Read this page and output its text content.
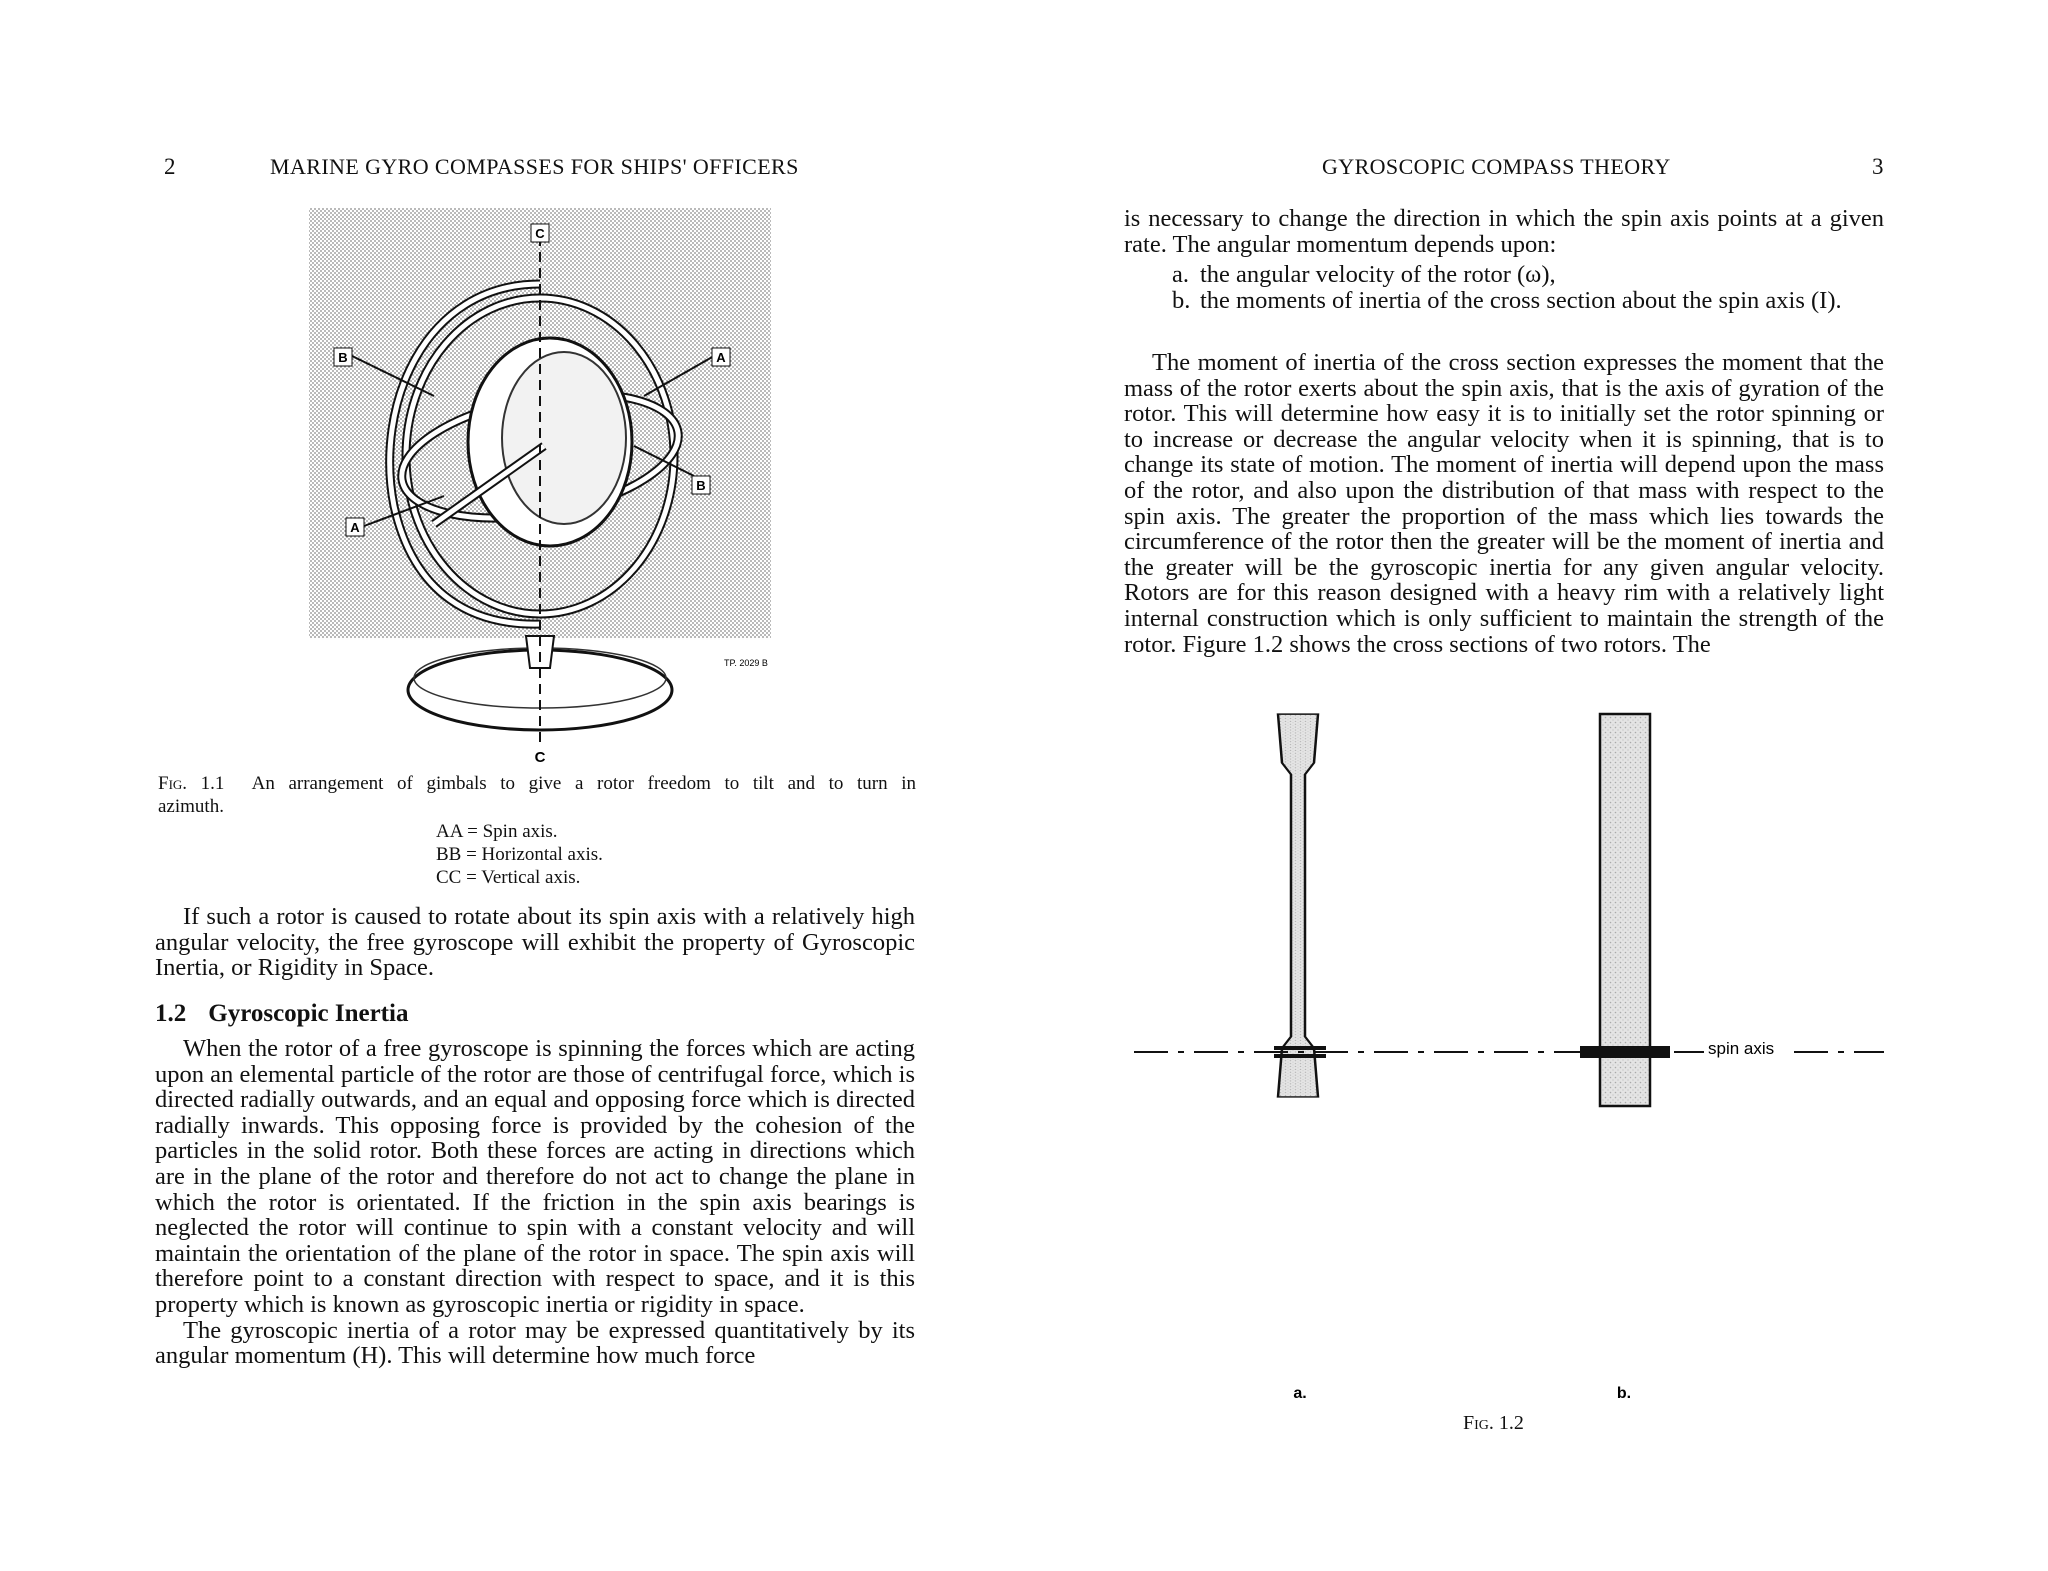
2	MARINE GYRO COMPASSES FOR SHIPS' OFFICERS
C
B	A
A
B
TP. 2029 B
C
Fig. 1.1 An arrangement of gimbals to give a rotor freedom to tilt and to turn in
azimuth.
AA = Spin axis.
BB = Horizontal axis.
CC = Vertical axis.

If such a rotor is caused to rotate about its spin axis with a relatively high angular velocity, the free gyroscope will exhibit the property of Gyroscopic Inertia, or Rigidity in Space.

1.2 Gyroscopic Inertia

When the rotor of a free gyroscope is spinning the forces which are acting upon an elemental particle of the rotor are those of centrifugal force, which is directed radially outwards, and an equal and opposing force which is directed radially inwards. This opposing force is provided by the cohesion of the particles in the solid rotor. Both these forces are acting in directions which are in the plane of the rotor and therefore do not act to change the plane in which the rotor is orientated. If the friction in the spin axis bearings is neglected the rotor will continue to spin with a constant velocity and will maintain the orientation of the plane of the rotor in space. The spin axis will therefore point to a constant direction with respect to space, and it is this property which is known as gyroscopic inertia or rigidity in space.

The gyroscopic inertia of a rotor may be expressed quantitatively by its angular momentum (H). This will determine how much force

GYROSCOPIC COMPASS THEORY	3

is necessary to change the direction in which the spin axis points at a given rate. The angular momentum depends upon:

a. the angular velocity of the rotor (ω),
b. the moments of inertia of the cross section about the spin axis (I).

The moment of inertia of the cross section expresses the moment that the mass of the rotor exerts about the spin axis, that is the axis of gyration of the rotor. This will determine how easy it is to initially set the rotor spinning or to increase or decrease the angular velocity when it is spinning, that is to change its state of motion. The moment of inertia will depend upon the mass of the rotor, and also upon the distribution of that mass with respect to the spin axis. The greater the proportion of the mass which lies towards the circumference of the rotor then the greater will be the moment of inertia and the greater will be the gyroscopic inertia for any given angular velocity. Rotors are for this reason designed with a heavy rim with a relatively light internal construction which is only sufficient to maintain the strength of the rotor. Figure 1.2 shows the cross sections of two rotors. The

spin axis
a.	b.
Fig. 1.2
